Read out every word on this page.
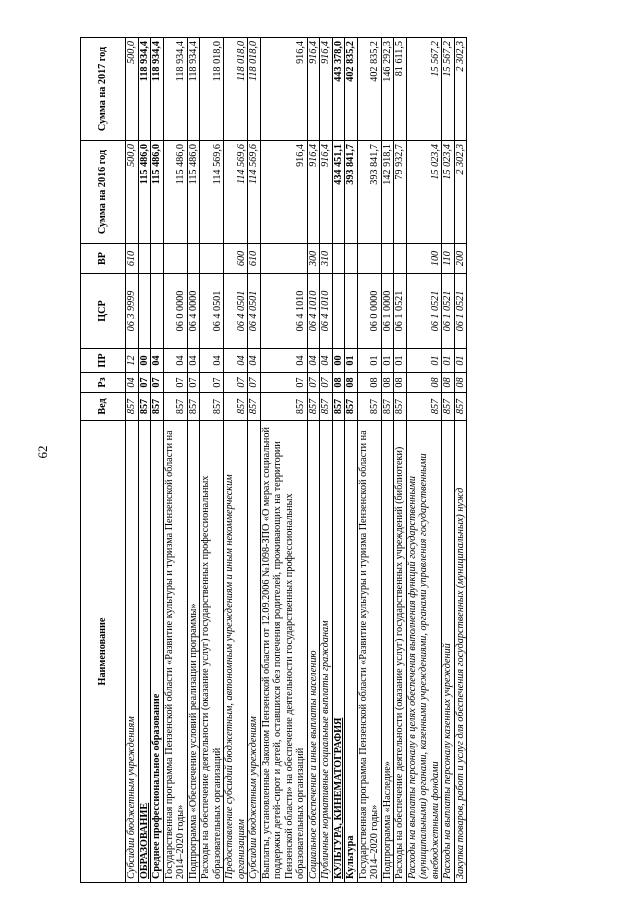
62
Наименование	Вед	Рз	ПР	ЦСР	ВР	Сумма на 2016 год	Сумма на 2017 год
Субсидии бюджетным учреждениям	857	04	12	06 3 9999	610	500,0	500,0
ОБРАЗОВАНИЕ	857	07	00			115 486,0	118 934,4
Среднее профессиональное образование	857	07	04			115 486,0	118 934,4
Государственная программа Пензенской области «Развитие культуры и туризма Пензенской области на 2014–2020 годы»	857	07	04	06 0 0000		115 486,0	118 934,4
Подпрограмма «Обеспечение условий реализации программы»	857	07	04	06 4 0000		115 486,0	118 934,4
Расходы на обеспечение деятельности (оказание услуг) государственных профессиональных образовательных организаций	857	07	04	06 4 0501		114 569,6	118 018,0
Предоставление субсидий бюджетным, автономным учреждениям и иным некоммерческим организациям	857	07	04	06 4 0501	600	114 569,6	118 018,0
Субсидии бюджетным учреждениям	857	07	04	06 4 0501	610	114 569,6	118 018,0
Выплаты, установленные Законом Пензенской области от 12.09.2006 №1098-ЗПО «О мерах социальной поддержки детей-сирот и детей, оставшихся без попечения родителей, проживающих на территории Пензенской области» на обеспечение деятельности государственных профессиональных образовательных организаций	857	07	04	06 4 1010		916,4	916,4
Социальное обеспечение и иные выплаты населению	857	07	04	06 4 1010	300	916,4	916,4
Публичные нормативные социальные выплаты гражданам	857	07	04	06 4 1010	310	916,4	916,4
КУЛЬТУРА, КИНЕМАТОГРАФИЯ	857	08	00			434 451,1	443 378,0
Культура	857	08	01			393 841,7	402 835,2
Государственная программа Пензенской области «Развитие культуры и туризма Пензенской области на 2014–2020 годы»	857	08	01	06 0 0000		393 841,7	402 835,2
Подпрограмма «Наследие»	857	08	01	06 1 0000		142 918,1	146 292,3
Расходы на обеспечение деятельности (оказание услуг) государственных учреждений (библиотеки)	857	08	01	06 1 0521		79 932,7	81 611,5
Расходы на выплаты персоналу в целях обеспечения выполнения функций государственными (муниципальными) органами, казенными учреждениями, органами управления государственными внебюджетными фондами	857	08	01	06 1 0521	100	15 023,4	15 567,2
Расходы на выплаты персоналу казенных учреждений	857	08	01	06 1 0521	110	15 023,4	15 567,2
Закупка товаров, работ и услуг для обеспечения государственных (муниципальных) нужд	857	08	01	06 1 0521	200	2 302,3	2 302,3
